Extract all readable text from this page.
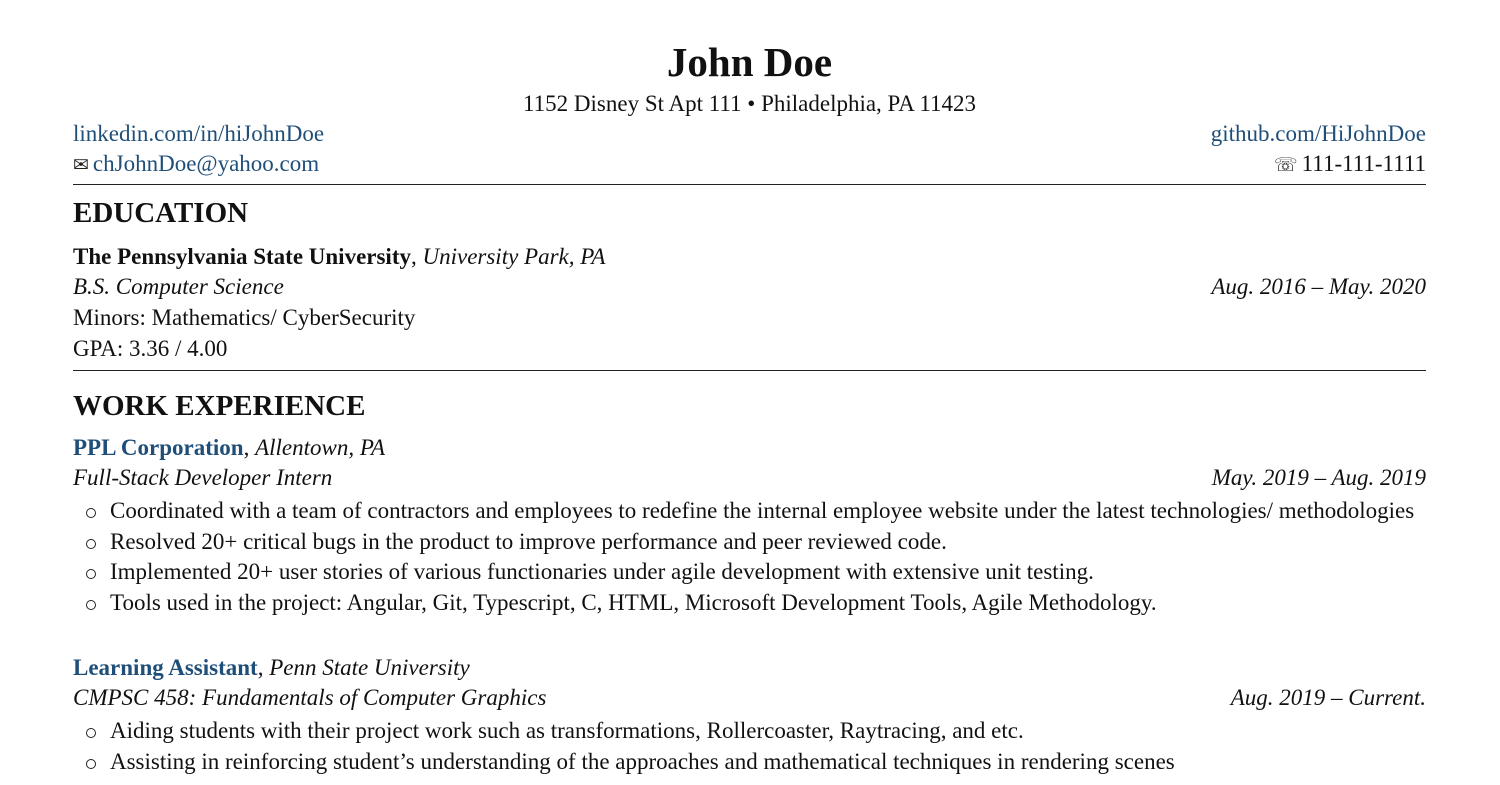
John Doe
1152 Disney St Apt 111 • Philadelphia, PA 11423
linkedin.com/in/hiJohnDoe	github.com/HiJohnDoe
✉ chJohnDoe@yahoo.com	☏ 111-111-1111
EDUCATION
The Pennsylvania State University, University Park, PA
B.S. Computer Science	Aug. 2016 – May. 2020
Minors: Mathematics/ CyberSecurity
GPA: 3.36 / 4.00
WORK EXPERIENCE
PPL Corporation, Allentown, PA
Full-Stack Developer Intern	May. 2019 – Aug. 2019
Coordinated with a team of contractors and employees to redefine the internal employee website under the latest technologies/ methodologies
Resolved 20+ critical bugs in the product to improve performance and peer reviewed code.
Implemented 20+ user stories of various functionaries under agile development with extensive unit testing.
Tools used in the project: Angular, Git, Typescript, C, HTML, Microsoft Development Tools, Agile Methodology.
Learning Assistant, Penn State University
CMPSC 458: Fundamentals of Computer Graphics	Aug. 2019 – Current.
Aiding students with their project work such as transformations, Rollercoaster, Raytracing, and etc.
Assisting in reinforcing student’s understanding of the approaches and mathematical techniques in rendering scenes
